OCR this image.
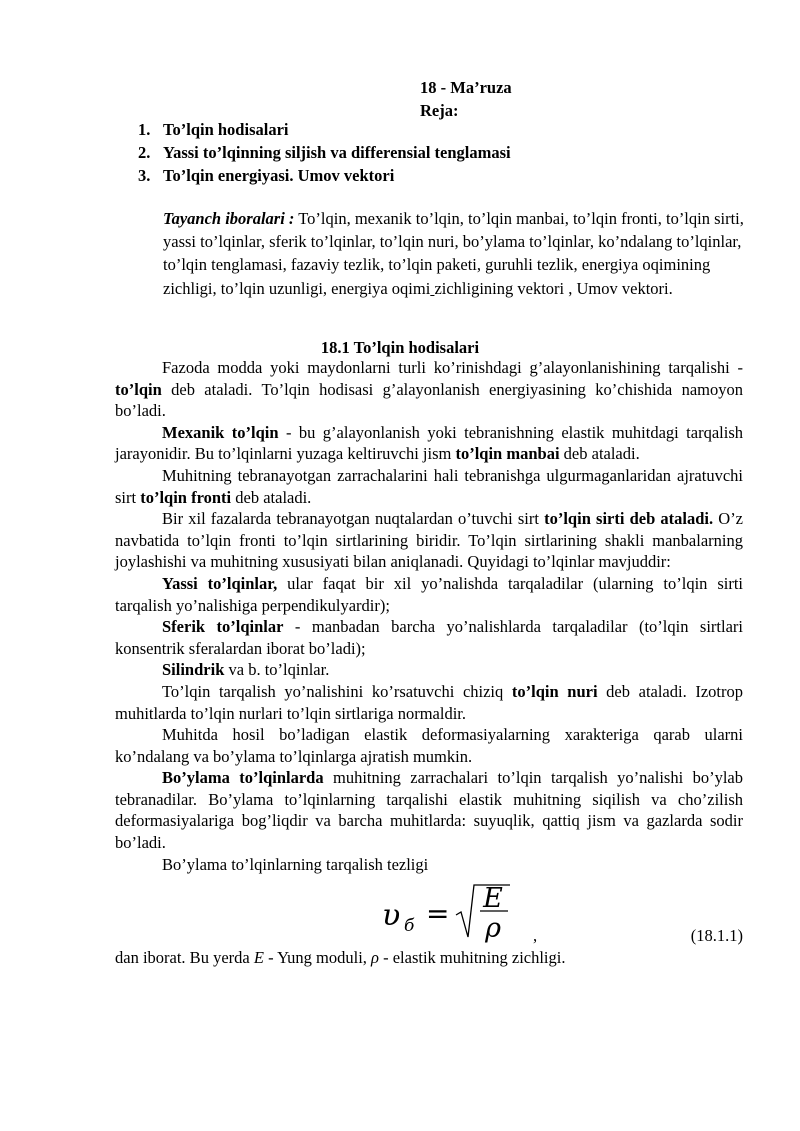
18 - Ma’ruza
Reja:
1. To’lqin hodisalari
2. Yassi to’lqinning siljish va differensial tenglamasi
3. To’lqin energiyasi. Umov vektori
Tayanch iboralari : To’lqin, mexanik to’lqin, to’lqin manbai, to’lqin fronti, to’lqin sirti, yassi to’lqinlar, sferik to’lqinlar, to’lqin nuri, bo’ylama to’lqinlar, ko’ndalang to’lqinlar, to’lqin tenglamasi, fazaviy tezlik, to’lqin paketi, guruhli tezlik, energiya oqimining zichligi, to’lqin uzunligi, energiya oqimi zichligining vektori , Umov vektori.
18.1 To’lqin hodisalari

Fazoda modda yoki maydonlarni turli ko’rinishdagi g’alayonlanishining tarqalishi - to’lqin deb ataladi. To’lqin hodisasi g’alayonlanish energiyasining ko’chishida namoyon bo’ladi.

Mexanik to’lqin - bu g’alayonlanish yoki tebranishning elastik muhitdagi tarqalish jarayonidir. Bu to’lqinlarni yuzaga keltiruvchi jism to’lqin manbai deb ataladi.

Muhitning tebranayotgan zarrachalarini hali tebranishga ulgurmaganlaridan ajratuvchi sirt to’lqin fronti deb ataladi.

Bir xil fazalarda tebranayotgan nuqtalardan o’tuvchi sirt to’lqin sirti deb ataladi. O’z navbatida to’lqin fronti to’lqin sirtlarining biridir. To’lqin sirtlarining shakli manbalarning joylashishi va muhitning xususiyati bilan aniqlanadi. Quyidagi to’lqinlar mavjuddir:

Yassi to’lqinlar, ular faqat bir xil yo’nalishda tarqaladilar (ularning to’lqin sirti tarqalish yo’nalishiga perpendikulyardir);

Sferik to’lqinlar - manbadan barcha yo’nalishlarda tarqaladilar (to’lqin sirtlari konsentrik sferalardan iborat bo’ladi);

Silindrik va b. to’lqinlar.

To’lqin tarqalish yo’nalishini ko’rsatuvchi chiziq to’lqin nuri deb ataladi. Izotrop muhitlarda to’lqin nurlari to’lqin sirtlariga normaldir.

Muhitda hosil bo’ladigan elastik deformasiyalarning xarakteriga qarab ularni ko’ndalang va bo’ylama to’lqinlarga ajratish mumkin.

Bo’ylama to’lqinlarda muhitning zarrachalari to’lqin tarqalish yo’nalishi bo’ylab tebranadilar. Bo’ylama to’lqinlarning tarqalishi elastik muhitning siqilish va cho’zilish deformasiyalariga bog’liqdir va barcha muhitlarda: suyuqlik, qattiq jism va gazlarda sodir bo’ladi.

Bo’ylama to’lqinlarning tarqalish tezligi

υ б = E
ρ ,	(18.1.1)

dan iborat. Bu yerda E - Yung moduli, ρ - elastik muhitning zichligi.
